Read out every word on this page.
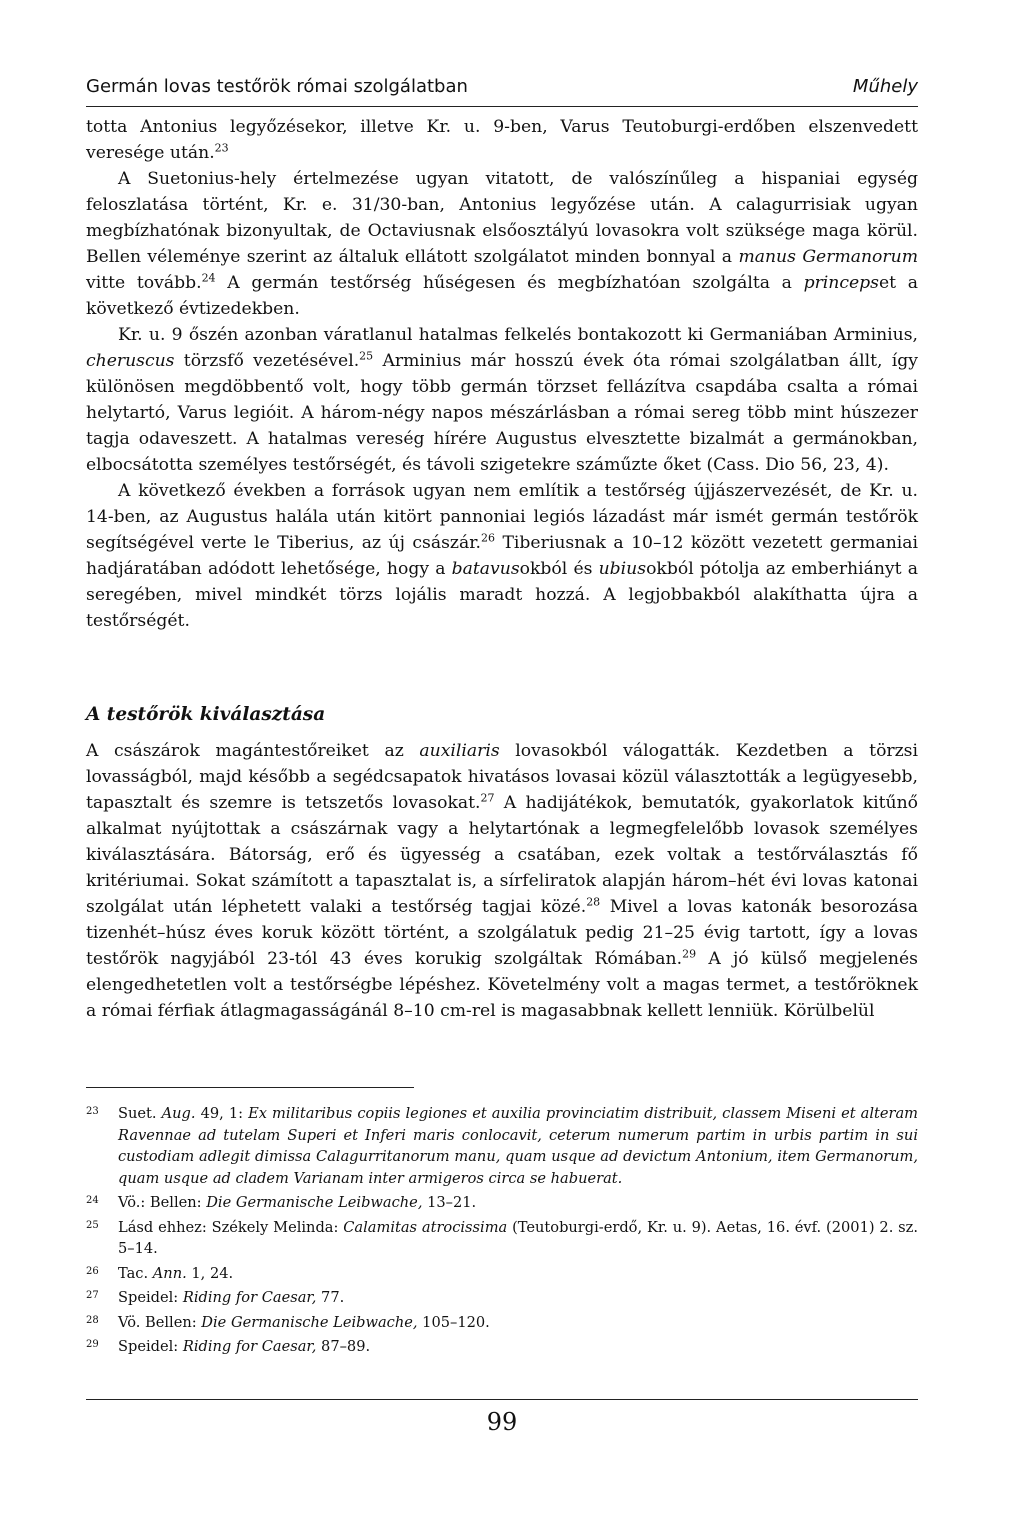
Germán lovas testőrök római szolgálatban	Műhely

totta Antonius legyőzésekor, illetve Kr. u. 9-ben, Varus Teutoburgi-erdőben elszenvedett veresége után.$^{23}$

A Suetonius-hely értelmezése ugyan vitatott, de valószínűleg a hispaniai egység feloszlatása történt, Kr. e. 31/30-ban, Antonius legyőzése után. A calagurrisiak ugyan megbízhatónak bizonyultak, de Octaviusnak elsőosztályú lovasokra volt szüksége maga körül. Bellen véleménye szerint az általuk ellátott szolgálatot minden bonnyal a manus Germanorum vitte tovább.$^{24}$ A germán testőrség hűségesen és megbízhatóan szolgálta a princepset a következő évtizedekben.

Kr. u. 9 őszén azonban váratlanul hatalmas felkelés bontakozott ki Germaniában Arminius, cheruscus törzsfő vezetésével.$^{25}$ Arminius már hosszú évek óta római szolgálatban állt, így különösen megdöbbentő volt, hogy több germán törzset fellázítva csapdába csalta a római helytartó, Varus legióit. A három-négy napos mészárlásban a római sereg több mint húszezer tagja odaveszett. A hatalmas vereség hírére Augustus elvesztette bizalmát a germánokban, elbocsátotta személyes testőrségét, és távoli szigetekre száműzte őket (Cass. Dio 56, 23, 4).

A következő években a források ugyan nem említik a testőrség újjászervezését, de Kr. u. 14-ben, az Augustus halála után kitört pannoniai legiós lázadást már ismét germán testőrök segítségével verte le Tiberius, az új császár.$^{26}$ Tiberiusnak a 10–12 között vezetett germaniai hadjáratában adódott lehetősége, hogy a batavusokból és ubiusokból pótolja az emberhiányt a seregében, mivel mindkét törzs lojális maradt hozzá. A legjobbakból alakíthatta újra a testőrségét.

A testőrök kiválasztása

A császárok magántestőreiket az auxiliaris lovasokból válogatták. Kezdetben a törzsi lovasságból, majd később a segédcsapatok hivatásos lovasai közül választották a legügyesebb, tapasztalt és szemre is tetszetős lovasokat.$^{27}$ A hadijátékok, bemutatók, gyakorlatok kitűnő alkalmat nyújtottak a császárnak vagy a helytartónak a legmegfelelőbb lovasok személyes kiválasztására. Bátorság, erő és ügyesség a csatában, ezek voltak a testőrválasztás fő kritériumai. Sokat számított a tapasztalat is, a sírfeliratok alapján három–hét évi lovas katonai szolgálat után léphetett valaki a testőrség tagjai közé.$^{28}$ Mivel a lovas katonák besorozása tizenhét–húsz éves koruk között történt, a szolgálatuk pedig 21–25 évig tartott, így a lovas testőrök nagyjából 23-tól 43 éves korukig szolgáltak Rómában.$^{29}$ A jó külső megjelenés elengedhetetlen volt a testőrségbe lépéshez. Követelmény volt a magas termet, a testőröknek a római férfiak átlagmagasságánál 8–10 cm-rel is magasabbnak kellett lenniük. Körülbelül

23 Suet. Aug. 49, 1: Ex militaribus copiis legiones et auxilia provinciatim distribuit, classem Miseni et alteram Ravennae ad tutelam Superi et Inferi maris conlocavit, ceterum numerum partim in urbis partim in sui custodiam adlegit dimissa Calagurritanorum manu, quam usque ad devictum Antonium, item Germanorum, quam usque ad cladem Varianam inter armigeros circa se habuerat.

24 Vö.: Bellen: Die Germanische Leibwache, 13–21.

25 Lásd ehhez: Székely Melinda: Calamitas atrocissima (Teutoburgi-erdő, Kr. u. 9). Aetas, 16. évf. (2001) 2. sz. 5–14.

26 Tac. Ann. 1, 24.

27 Speidel: Riding for Caesar, 77.

28 Vö. Bellen: Die Germanische Leibwache, 105–120.

29 Speidel: Riding for Caesar, 87–89.

99
